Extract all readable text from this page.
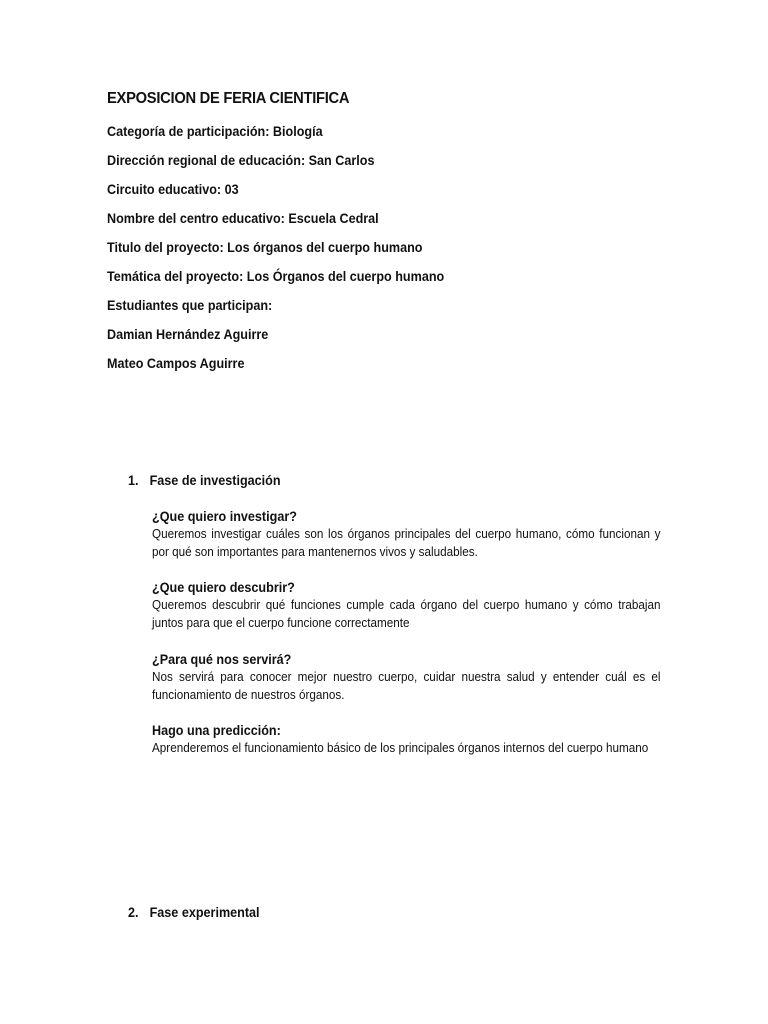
EXPOSICION DE FERIA CIENTIFICA
Categoría de participación: Biología
Dirección regional de educación: San Carlos
Circuito educativo: 03
Nombre del centro educativo: Escuela Cedral
Titulo del proyecto: Los órganos del cuerpo humano
Temática del proyecto: Los Órganos del cuerpo humano
Estudiantes que participan:
Damian Hernández Aguirre
Mateo Campos Aguirre
1. Fase de investigación
¿Que quiero investigar?
Queremos investigar cuáles son los órganos principales del cuerpo humano, cómo funcionan y por qué son importantes para mantenernos vivos y saludables.
¿Que quiero descubrir?
Queremos descubrir qué funciones cumple cada órgano del cuerpo humano y cómo trabajan juntos para que el cuerpo funcione correctamente
¿Para qué nos servirá?
Nos servirá para conocer mejor nuestro cuerpo, cuidar nuestra salud y entender cuál es el funcionamiento de nuestros órganos.
Hago una predicción:
Aprenderemos el funcionamiento básico de los principales órganos internos del cuerpo humano
2. Fase experimental
